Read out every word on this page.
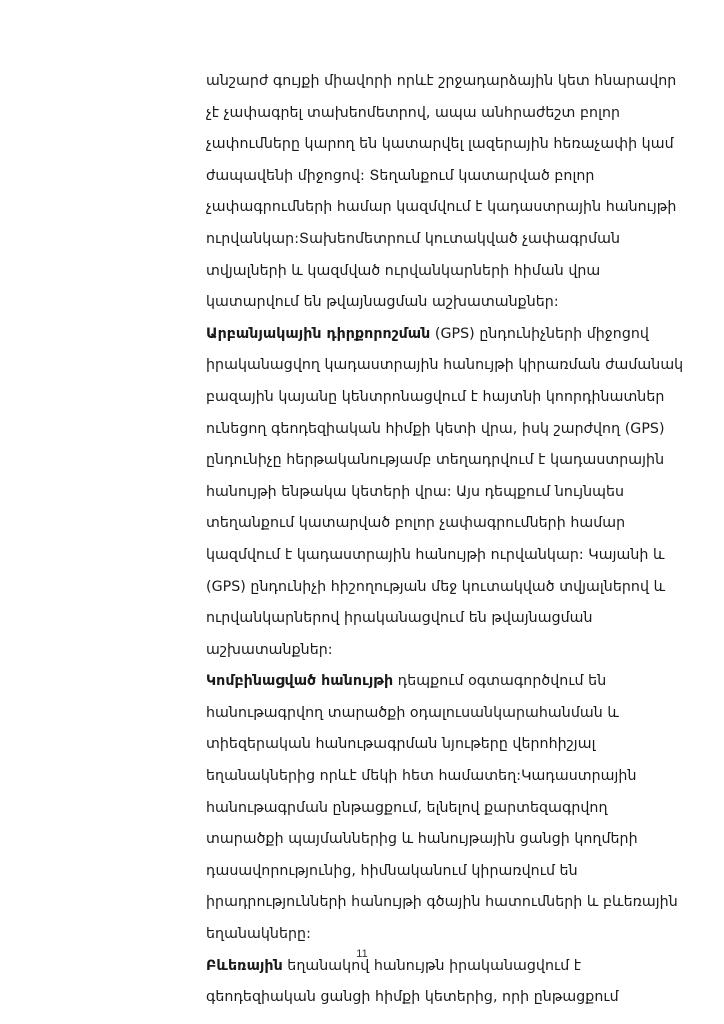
անշարժ գույքի միավորի որևէ շրջադարձային կետ հնարավոր
չէ չափագրել տախեոմետրով, ապա անհրաժեշտ բոլոր
չափումները կարող են կատարվել լազերային հեռաչափի կամ
ժապավենի միջոցով: Տեղանքում կատարված բոլոր
չափագրումների համար կազմվում է կադաստրային հանույթի
ուրվանկար:Տախեոմետրում կուտակված չափագրման
տվյալների և կազմված ուրվանկարների հիման վրա
կատարվում են թվայնացման աշխատանքներ:
Արբանյակային դիրքորոշման (GPS) ընդունիչների միջոցով
իրականացվող կադաստրային հանույթի կիրառման ժամանակ
բազային կայանը կենտրոնացվում է հայտնի կոորդինատներ
ունեցող գեոդեզիական հիմքի կետի վրա, իսկ շարժվող (GPS)
ընդունիչը հերթականությամբ տեղադրվում է կադաստրային
հանույթի ենթակա կետերի վրա: Այս դեպքում նույնպես
տեղանքում կատարված բոլոր չափագրումների համար
կազմվում է կադաստրային հանույթի ուրվանկար: Կայանի և
(GPS) ընդունիչի հիշողության մեջ կուտակված տվյալներով և
ուրվանկարներով իրականացվում են թվայնացման
աշխատանքներ:
Կոմբինացված հանույթի դեպքում օգտագործվում են
հանութագրվող տարածքի օդալուսանկարահանման և
տիեզերական հանութագրման նյութերը վերոհիշյալ
եղանակներից որևէ մեկի հետ համատեղ:Կադաստրային
հանութագրման ընթացքում, ելնելով քարտեզագրվող
տարածքի պայմաններից և հանույթային ցանցի կողմերի
դասավորությունից, հիմնականում կիրառվում են
իրադրությունների հանույթի գծային հատումների և բևեռային
եղանակները:
Բևեռային եղանակով հանույթն իրականացվում է
գեոդեզիական ցանցի հիմքի կետերից, որի ընթացքում
11
